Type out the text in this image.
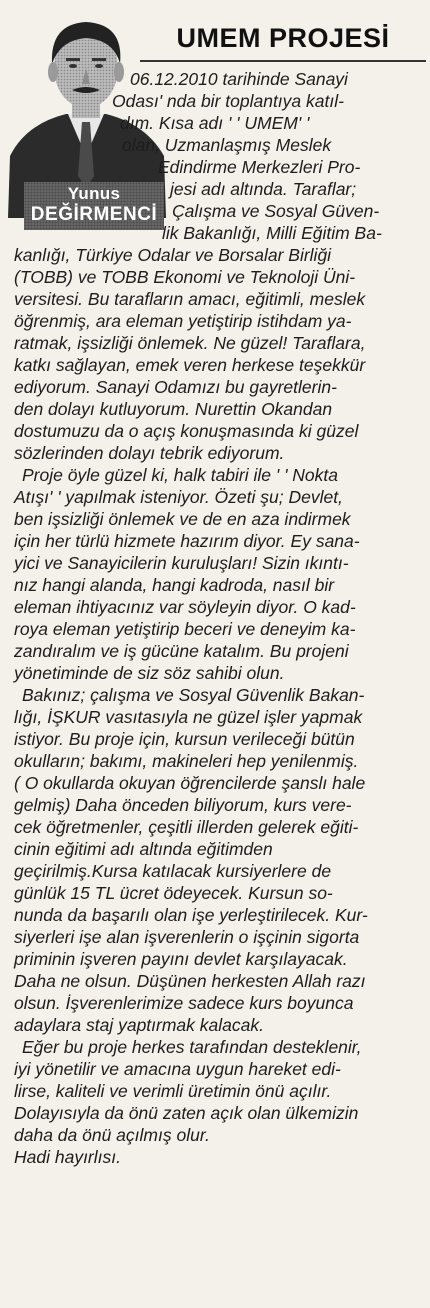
Yunus
DEĞİRMENCİ
UMEM PROJESİ
06.12.2010 tarihinde Sanayi
Odası' nda bir toplantıya katıl-
dım. Kısa adı ' ' UMEM' '
olan, Uzmanlaşmış Meslek
Edindirme Merkezleri Pro-
jesi adı altında. Taraflar;
Çalışma ve Sosyal Güven-
lik Bakanlığı, Milli Eğitim Ba-
kanlığı, Türkiye Odalar ve Borsalar Birliği
(TOBB) ve TOBB Ekonomi ve Teknoloji Üni-
versitesi. Bu tarafların amacı, eğitimli, meslek
öğrenmiş, ara eleman yetiştirip istihdam ya-
ratmak, işsizliği önlemek. Ne güzel! Taraflara,
katkı sağlayan, emek veren herkese teşekkür
ediyorum. Sanayi Odamızı bu gayretlerin-
den dolayı kutluyorum. Nurettin Okandan
dostumuzu da o açış konuşmasında ki güzel
sözlerinden dolayı tebrik ediyorum.
Proje öyle güzel ki, halk tabiri ile ' ' Nokta
Atışı' ' yapılmak isteniyor. Özeti şu; Devlet,
ben işsizliği önlemek ve de en aza indirmek
için her türlü hizmete hazırım diyor. Ey sana-
yici ve Sanayicilerin kuruluşları! Sizin ıkıntı-
nız hangi alanda, hangi kadroda, nasıl bir
eleman ihtiyacınız var söyleyin diyor. O kad-
roya eleman yetiştirip beceri ve deneyim ka-
zandıralım ve iş gücüne katalım. Bu projeni
yönetiminde de siz söz sahibi olun.
Bakınız; çalışma ve Sosyal Güvenlik Bakan-
lığı, İŞKUR vasıtasıyla ne güzel işler yapmak
istiyor. Bu proje için, kursun verileceği bütün
okulların; bakımı, makineleri hep yenilenmiş.
( O okullarda okuyan öğrencilerde şanslı hale
gelmiş) Daha önceden biliyorum, kurs vere-
cek öğretmenler, çeşitli illerden gelerek eğiti-
cinin eğitimi adı altında eğitimden
geçirilmiş.Kursa katılacak kursiyerlere de
günlük 15 TL ücret ödeyecek. Kursun so-
nunda da başarılı olan işe yerleştirilecek. Kur-
siyerleri işe alan işverenlerin o işçinin sigorta
priminin işveren payını devlet karşılayacak.
Daha ne olsun. Düşünen herkesten Allah razı
olsun. İşverenlerimize sadece kurs boyunca
adaylara staj yaptırmak kalacak.
Eğer bu proje herkes tarafından desteklenir,
iyi yönetilir ve amacına uygun hareket edi-
lirse, kaliteli ve verimli üretimin önü açılır.
Dolayısıyla da önü zaten açık olan ülkemizin
daha da önü açılmış olur.
Hadi hayırlısı.
